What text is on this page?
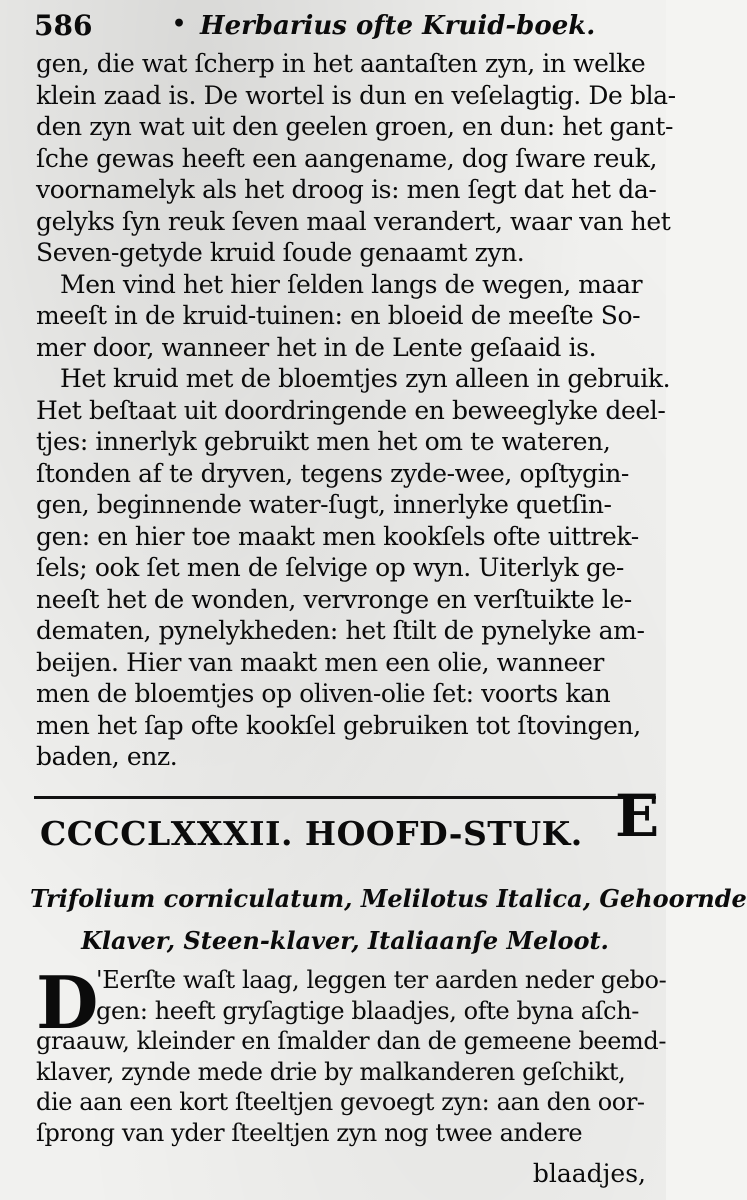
586	• Herbarius ofte Kruid-boek.
gen, die wat ſcherp in het aantaſten zyn, in welke
klein zaad is. De wortel is dun en veſelagtig. De bla-
den zyn wat uit den geelen groen, en dun: het gant-
ſche gewas heeft een aangename, dog ſware reuk,
voornamelyk als het droog is: men ſegt dat het da-
gelyks ſyn reuk ſeven maal verandert, waar van het
Seven-getyde kruid ſoude genaamt zyn.
Men vind het hier ſelden langs de wegen, maar
meeſt in de kruid-tuinen: en bloeid de meeſte So-
mer door, wanneer het in de Lente geſaaid is.
Het kruid met de bloemtjes zyn alleen in gebruik.
Het beſtaat uit doordringende en beweeglyke deel-
tjes: innerlyk gebruikt men het om te wateren,
ſtonden af te dryven, tegens zyde-wee, opſtygin-
gen, beginnende water-ſugt, innerlyke quetſin-
gen: en hier toe maakt men kookſels ofte uittrek-
ſels; ook ſet men de ſelvige op wyn. Uiterlyk ge-
neeſt het de wonden, vervronge en verſtuikte le-
dematen, pynelykheden: het ſtilt de pynelyke am-
beijen. Hier van maakt men een olie, wanneer
men de bloemtjes op oliven-olie ſet: voorts kan
men het ſap ofte kookſel gebruiken tot ſtovingen,
baden, enz.
CCCCLXXXII. HOOFD-STUK. E
Trifolium corniculatum, Melilotus Italica, Gehoornde
Klaver, Steen-klaver, Italiaanſe Meloot.
D
'Eerſte waſt laag, leggen ter aarden neder gebo-
gen: heeft gryſagtige blaadjes, ofte byna aſch-
graauw, kleinder en ſmalder dan de gemeene beemd-
klaver, zynde mede drie by malkanderen geſchikt,
die aan een kort ſteeltjen gevoegt zyn: aan den oor-
ſprong van yder ſteeltjen zyn nog twee andere
blaadjes,
